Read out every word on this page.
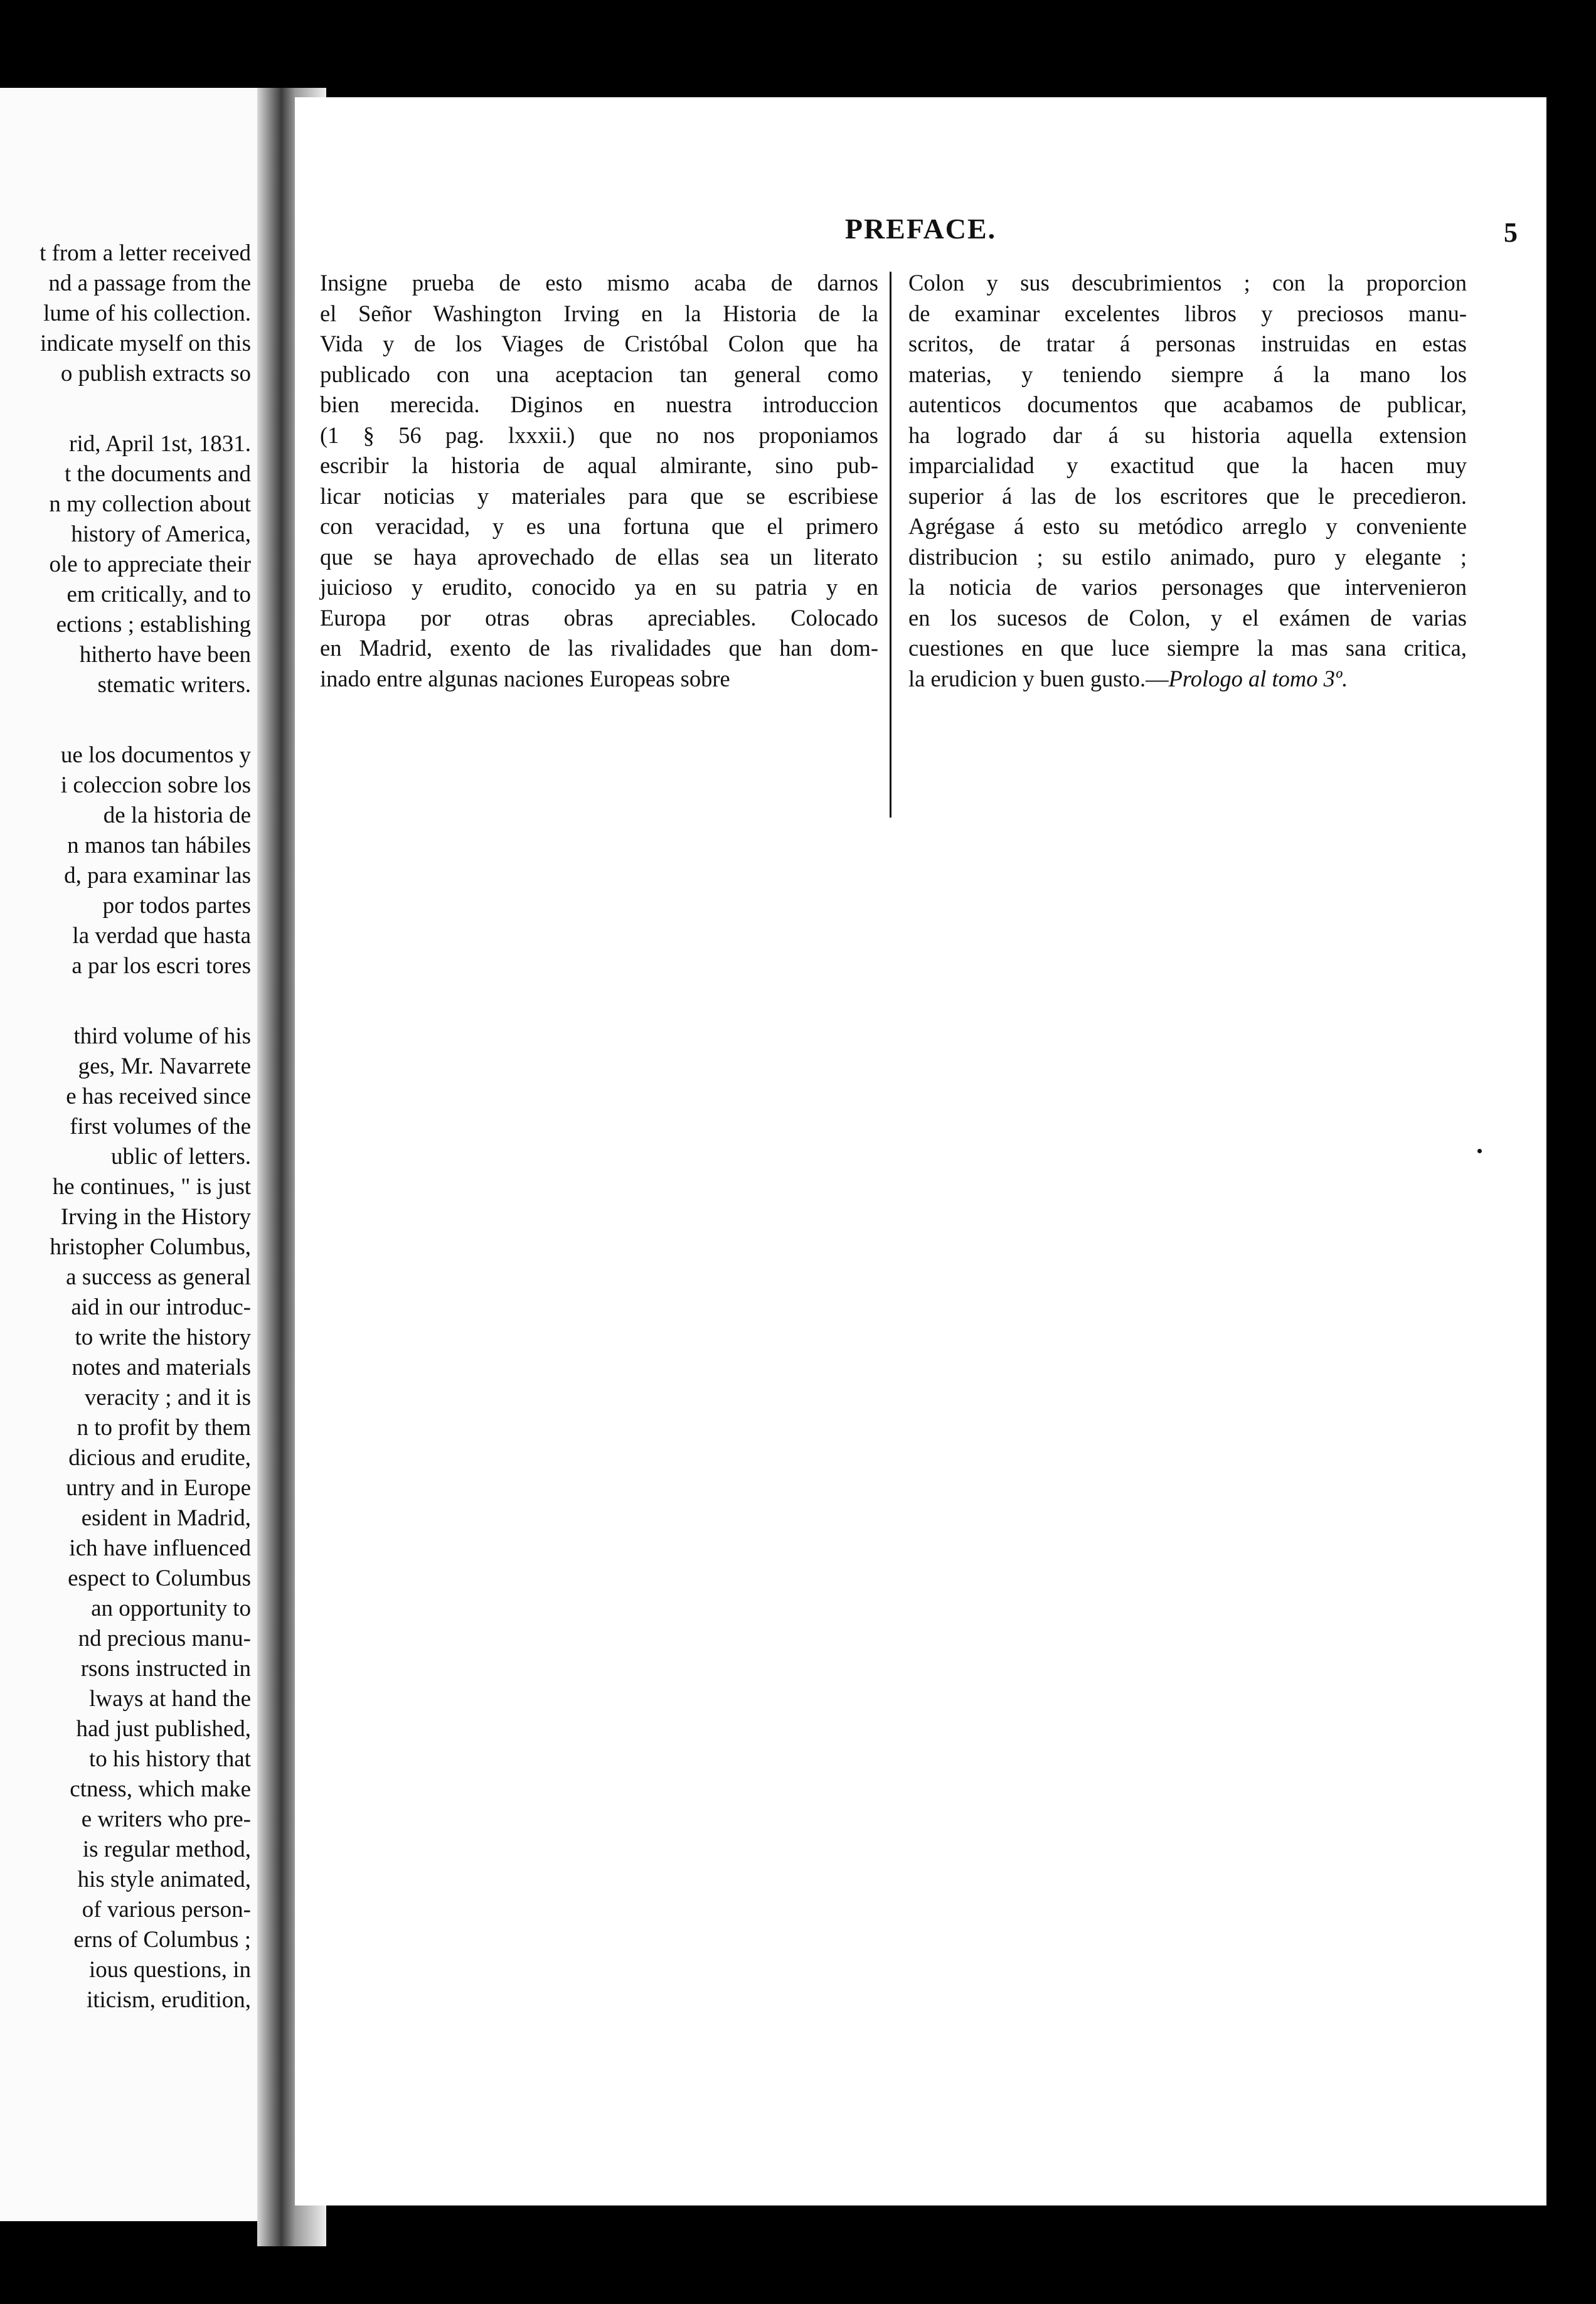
t from a letter received
nd a passage from the
lume of his collection.
indicate myself on this
o publish extracts so
rid, April 1st, 1831.
t the documents and
n my collection about
history of America,
ole to appreciate their
em critically, and to
ections ; establishing
hitherto have been
stematic writers.
ue los documentos y
i coleccion sobre los
de la historia de
n manos tan hábiles
d, para examinar las
por todos partes
la verdad que hasta
a par los escri tores
third volume of his
ges, Mr. Navarrete
e has received since
first volumes of the
ublic of letters.
he continues, " is just
Irving in the History
hristopher Columbus,
a success as general
aid in our introduc-
to write the history
notes and materials
veracity ; and it is
n to profit by them
dicious and erudite,
untry and in Europe
esident in Madrid,
ich have influenced
espect to Columbus
an opportunity to
nd precious manu-
rsons instructed in
lways at hand the
had just published,
to his history that
ctness, which make
e writers who pre-
is regular method,
his style animated,
of various person-
erns of Columbus ;
ious questions, in
iticism, erudition,
PREFACE.	5
Insigne prueba de esto mismo acaba de darnos
el Señor Washington Irving en la Historia de la
Vida y de los Viages de Cristóbal Colon que ha
publicado con una aceptacion tan general como
bien merecida. Diginos en nuestra introduccion
(1 § 56 pag. lxxxii.) que no nos proponiamos
escribir la historia de aqual almirante, sino pub-
licar noticias y materiales para que se escribiese
con veracidad, y es una fortuna que el primero
que se haya aprovechado de ellas sea un literato
juicioso y erudito, conocido ya en su patria y en
Europa por otras obras apreciables. Colocado
en Madrid, exento de las rivalidades que han dom-
inado entre algunas naciones Europeas sobre
Colon y sus descubrimientos ; con la proporcion
de examinar excelentes libros y preciosos manu-
scritos, de tratar á personas instruidas en estas
materias, y teniendo siempre á la mano los
autenticos documentos que acabamos de publicar,
ha logrado dar á su historia aquella extension
imparcialidad y exactitud que la hacen muy
superior á las de los escritores que le precedieron.
Agrégase á esto su metódico arreglo y conveniente
distribucion ; su estilo animado, puro y elegante ;
la noticia de varios personages que intervenieron
en los sucesos de Colon, y el exámen de varias
cuestiones en que luce siempre la mas sana critica,
la erudicion y buen gusto.—Prologo al tomo 3º.
